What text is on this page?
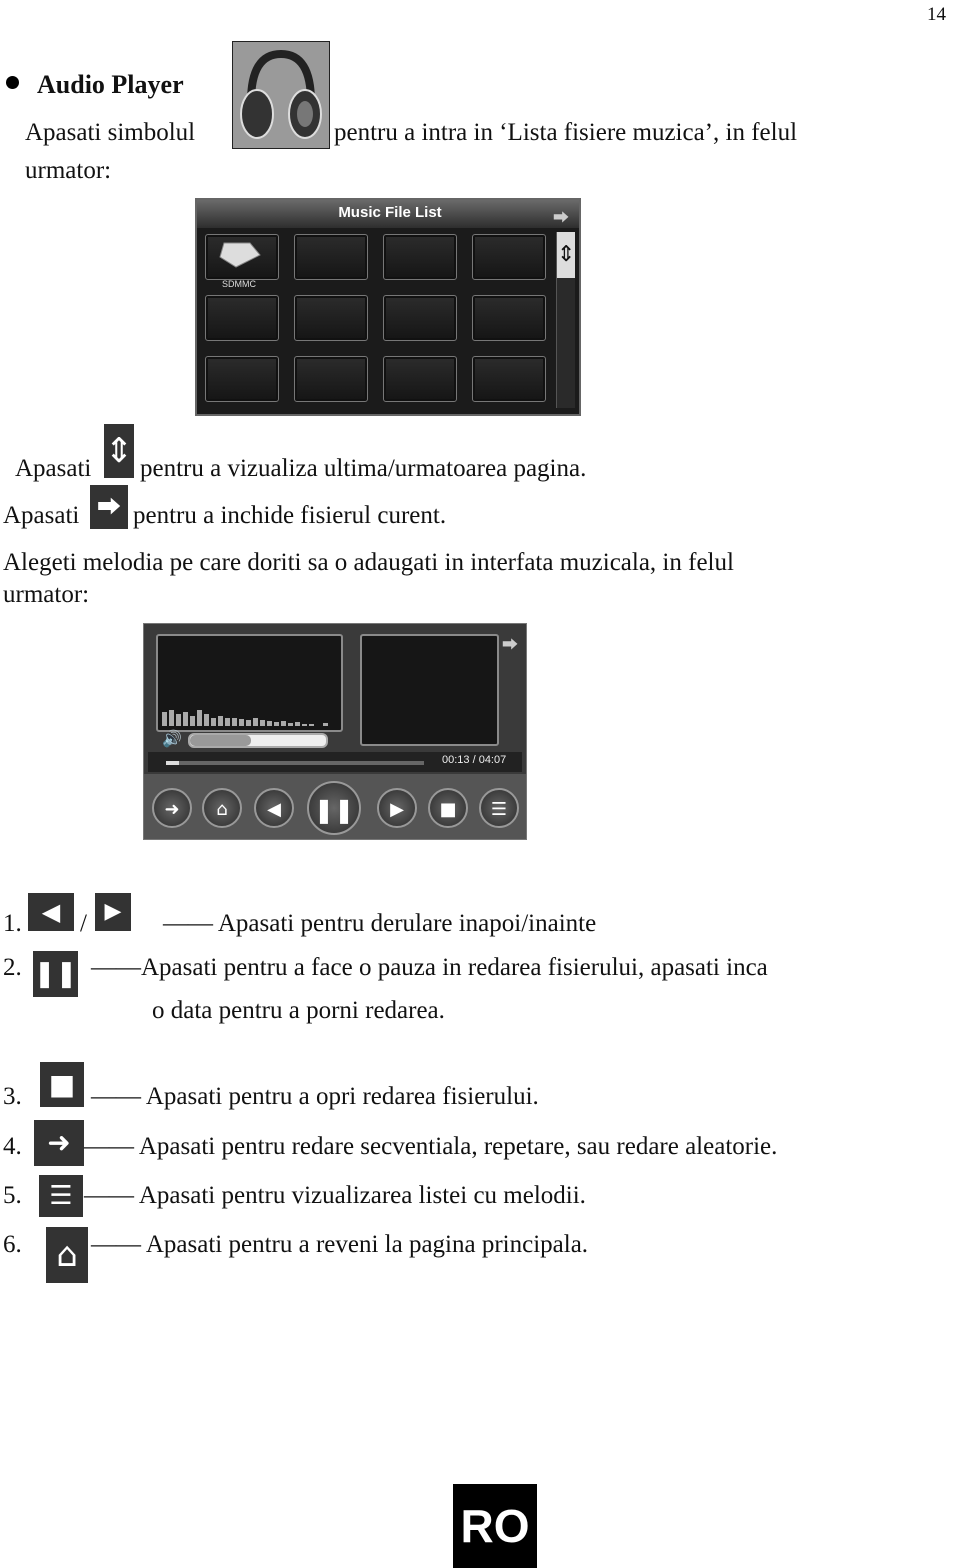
14
Audio Player
Apasati simbolul	pentru a intra in ‘Lista fisiere muzica’, in felul
urmator:
Music File List	⮕
⇕
SDMMC
Apasati ⇕ pentru a vizualiza ultima/urmatoarea pagina.
Apasati ⮕ pentru a inchide fisierul curent.
Alegeti melodia pe care doriti sa o adaugati in interfata muzicala, in felul
urmator:
🔊
⮕
00:13 / 04:07
➜	⌂	◀	❚❚	▶	■	☰
1. ◀ / ▶	—— Apasati pentru derulare inapoi/inainte
2. ❚❚ ——Apasati pentru a face o pauza in redarea fisierului, apasati inca
o data pentru a porni redarea.
3. ■ —— Apasati pentru a opri redarea fisierului.
4. ➜ —— Apasati pentru redare secventiala, repetare, sau redare aleatorie.
5.	☰ —— Apasati pentru vizualizarea listei cu melodii.
6.	⌂ —— Apasati pentru a reveni la pagina principala.
RO
